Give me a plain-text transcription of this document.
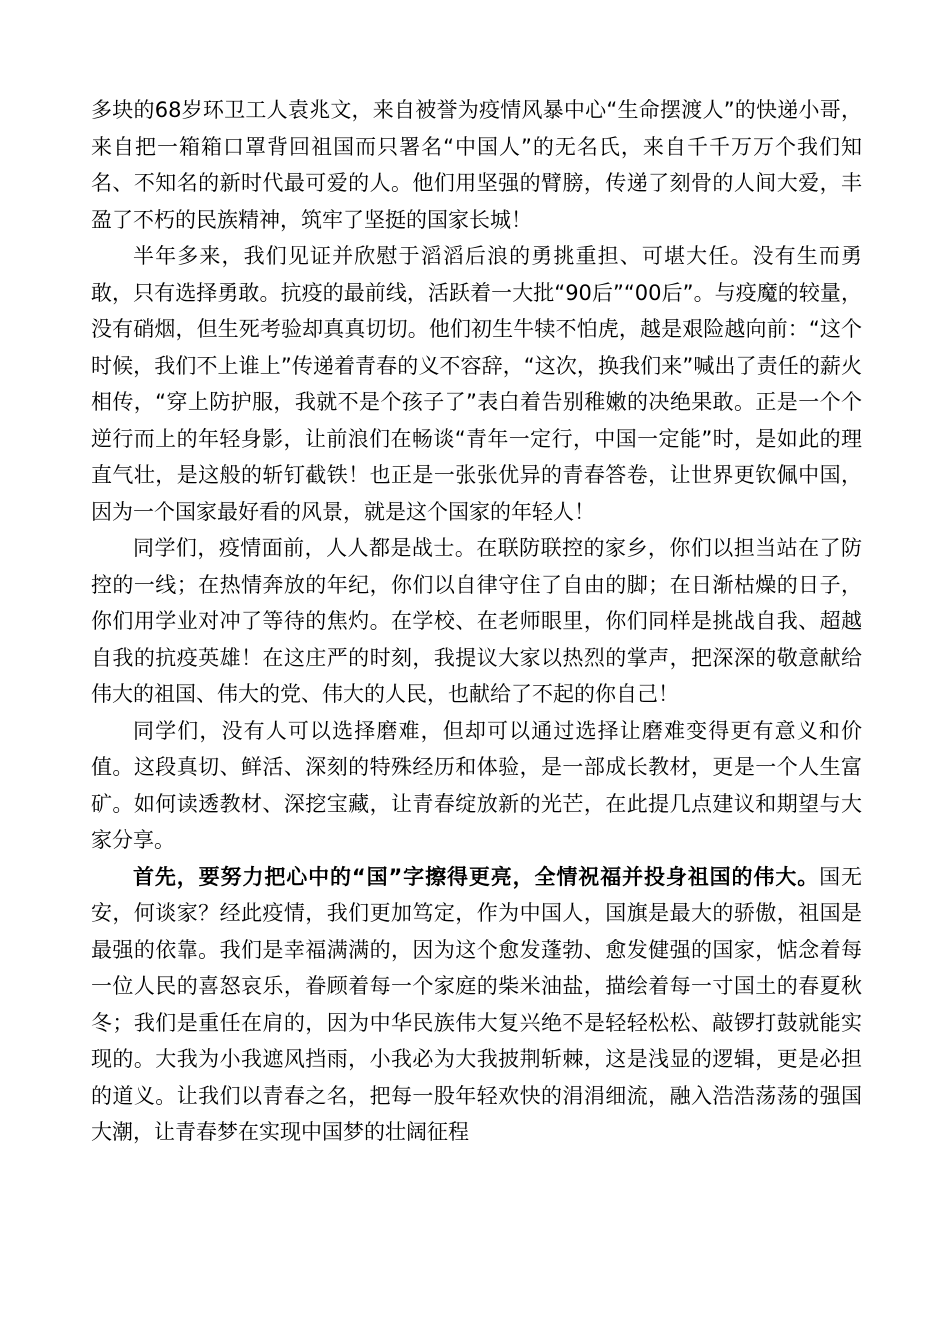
多块的68岁环卫工人袁兆文，来自被誉为疫情风暴中心“生命摆渡人”的快递小哥，来自把一箱箱口罩背回祖国而只署名“中国人”的无名氏，来自千千万万个我们知名、不知名的新时代最可爱的人。他们用坚强的臂膀，传递了刻骨的人间大爱，丰盈了不朽的民族精神，筑牢了坚挺的国家长城！

半年多来，我们见证并欣慰于滔滔后浪的勇挑重担、可堪大任。没有生而勇敢，只有选择勇敢。抗疫的最前线，活跃着一大批“90后”“00后”。与疫魔的较量，没有硝烟，但生死考验却真真切切。他们初生牛犊不怕虎，越是艰险越向前：“这个时候，我们不上谁上”传递着青春的义不容辞，“这次，换我们来”喊出了责任的薪火相传，“穿上防护服，我就不是个孩子了”表白着告别稚嫩的决绝果敢。正是一个个逆行而上的年轻身影，让前浪们在畅谈“青年一定行，中国一定能”时，是如此的理直气壮，是这般的斩钉截铁！也正是一张张优异的青春答卷，让世界更钦佩中国，因为一个国家最好看的风景，就是这个国家的年轻人！

同学们，疫情面前，人人都是战士。在联防联控的家乡，你们以担当站在了防控的一线；在热情奔放的年纪，你们以自律守住了自由的脚；在日渐枯燥的日子，你们用学业对冲了等待的焦灼。在学校、在老师眼里，你们同样是挑战自我、超越自我的抗疫英雄！在这庄严的时刻，我提议大家以热烈的掌声，把深深的敬意献给伟大的祖国、伟大的党、伟大的人民，也献给了不起的你自己！

同学们，没有人可以选择磨难，但却可以通过选择让磨难变得更有意义和价值。这段真切、鲜活、深刻的特殊经历和体验，是一部成长教材，更是一个人生富矿。如何读透教材、深挖宝藏，让青春绽放新的光芒，在此提几点建议和期望与大家分享。

首先，要努力把心中的“国”字擦得更亮，全情祝福并投身祖国的伟大。国无安，何谈家？经此疫情，我们更加笃定，作为中国人，国旗是最大的骄傲，祖国是最强的依靠。我们是幸福满满的，因为这个愈发蓬勃、愈发健强的国家，惦念着每一位人民的喜怒哀乐，眷顾着每一个家庭的柴米油盐，描绘着每一寸国土的春夏秋冬；我们是重任在肩的，因为中华民族伟大复兴绝不是轻轻松松、敲锣打鼓就能实现的。大我为小我遮风挡雨，小我必为大我披荆斩棘，这是浅显的逻辑，更是必担的道义。让我们以青春之名，把每一股年轻欢快的涓涓细流，融入浩浩荡荡的强国大潮，让青春梦在实现中国梦的壮阔征程
